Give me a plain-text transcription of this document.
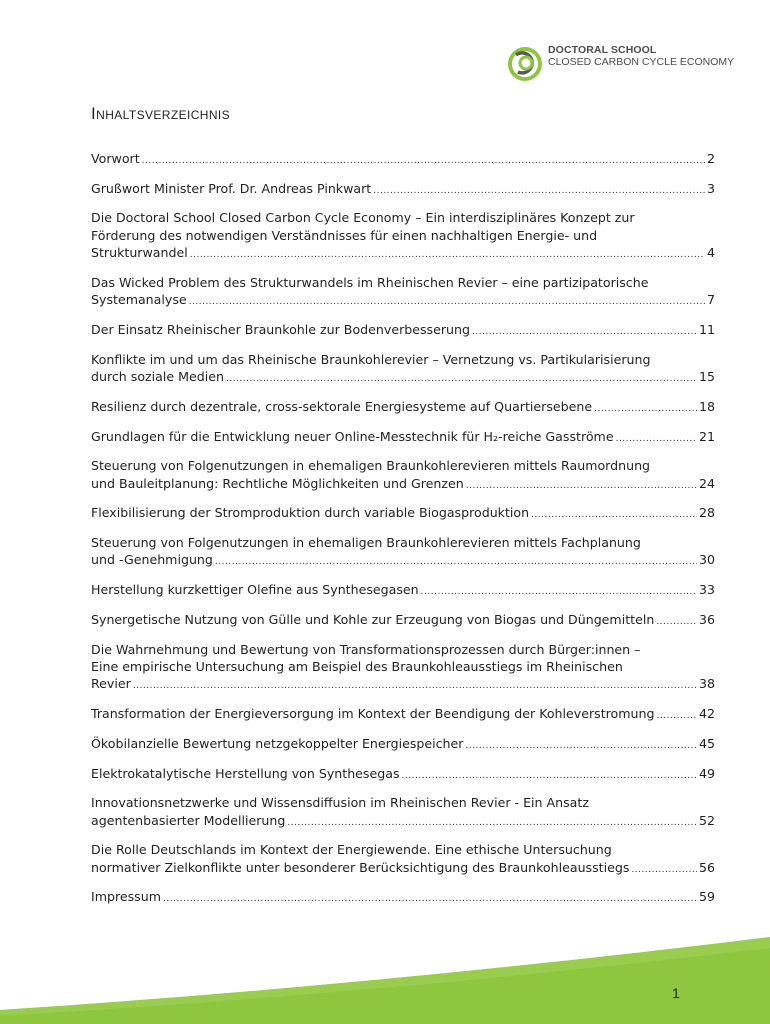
DOCTORAL SCHOOL
CLOSED CARBON CYCLE ECONOMY
Inhaltsverzeichnis
Vorwort .....	2
Grußwort Minister Prof. Dr. Andreas Pinkwart .....	3
Die Doctoral School Closed Carbon Cycle Economy – Ein interdisziplinäres Konzept zur
Förderung des notwendigen Verständnisses für einen nachhaltigen Energie- und
Strukturwandel .....	4
Das Wicked Problem des Strukturwandels im Rheinischen Revier – eine partizipatorische
Systemanalyse .....	7
Der Einsatz Rheinischer Braunkohle zur Bodenverbesserung .....	11
Konflikte im und um das Rheinische Braunkohlerevier – Vernetzung vs. Partikularisierung
durch soziale Medien .....	15
Resilienz durch dezentrale, cross-sektorale Energiesysteme auf Quartiersebene .....	18
Grundlagen für die Entwicklung neuer Online-Messtechnik für H₂-reiche Gasströme .....	21
Steuerung von Folgenutzungen in ehemaligen Braunkohlerevieren mittels Raumordnung
und Bauleitplanung: Rechtliche Möglichkeiten und Grenzen .....	24
Flexibilisierung der Stromproduktion durch variable Biogasproduktion .....	28
Steuerung von Folgenutzungen in ehemaligen Braunkohlerevieren mittels Fachplanung
und -Genehmigung .....	30
Herstellung kurzkettiger Olefine aus Synthesegasen .....	33
Synergetische Nutzung von Gülle und Kohle zur Erzeugung von Biogas und Düngemitteln .....	36
Die Wahrnehmung und Bewertung von Transformationsprozessen durch Bürger:innen –
Eine empirische Untersuchung am Beispiel des Braunkohleausstiegs im Rheinischen
Revier .....	38
Transformation der Energieversorgung im Kontext der Beendigung der Kohleverstromung .....	42
Ökobilanzielle Bewertung netzgekoppelter Energiespeicher .....	45
Elektrokatalytische Herstellung von Synthesegas .....	49
Innovationsnetzwerke und Wissensdiffusion im Rheinischen Revier - Ein Ansatz
agentenbasierter Modellierung .....	52
Die Rolle Deutschlands im Kontext der Energiewende. Eine ethische Untersuchung
normativer Zielkonflikte unter besonderer Berücksichtigung des Braunkohleausstiegs .....	56
Impressum .....	59
1
